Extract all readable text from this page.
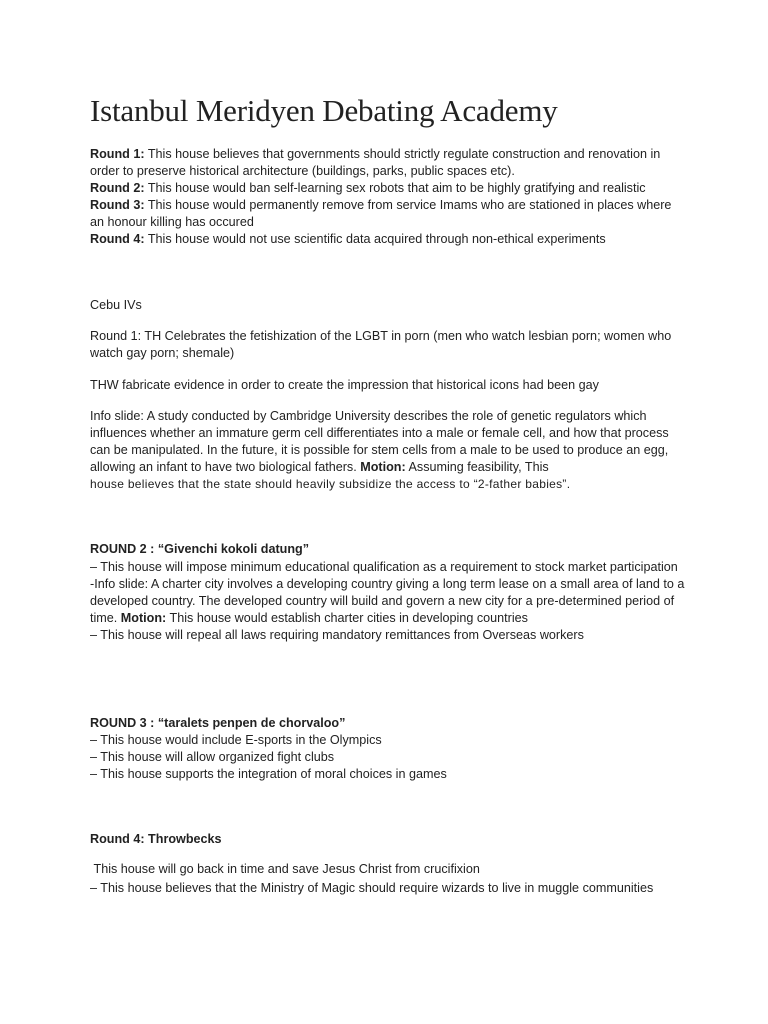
Istanbul Meridyen Debating Academy

Round 1: This house believes that governments should strictly regulate construction and renovation in order to preserve historical architecture (buildings, parks, public spaces etc).

Round 2: This house would ban self-learning sex robots that aim to be highly gratifying and realistic

Round 3: This house would permanently remove from service Imams who are stationed in places where an honour killing has occured

Round 4: This house would not use scientific data acquired through non-ethical experiments

Cebu IVs
Round 1: TH Celebrates the fetishization of the LGBT in porn (men who watch lesbian porn; women who watch gay porn; shemale)
THW fabricate evidence in order to create the impression that historical icons had been gay
Info slide: A study conducted by Cambridge University describes the role of genetic regulators which influences whether an immature germ cell differentiates into a male or female cell, and how that process can be manipulated. In the future, it is possible for stem cells from a male to be used to produce an egg, allowing an infant to have two biological fathers. Motion: Assuming feasibility, This
house believes that the state should heavily subsidize the access to “2-father babies”.
ROUND 2 : “Givenchi kokoli datung”

– This house will impose minimum educational qualification as a requirement to stock market participation

-Info slide: A charter city involves a developing country giving a long term lease on a small area of land to a developed country. The developed country will build and govern a new city for a pre-determined period of time. Motion: This house would establish charter cities in developing countries

– This house will repeal all laws requiring mandatory remittances from Overseas workers

ROUND 3 : “taralets penpen de chorvaloo”

– This house would include E-sports in the Olympics

– This house will allow organized fight clubs

– This house supports the integration of moral choices in games

Round 4: Throwbecks
This house will go back in time and save Jesus Christ from crucifixion
– This house believes that the Ministry of Magic should require wizards to live in muggle communities
